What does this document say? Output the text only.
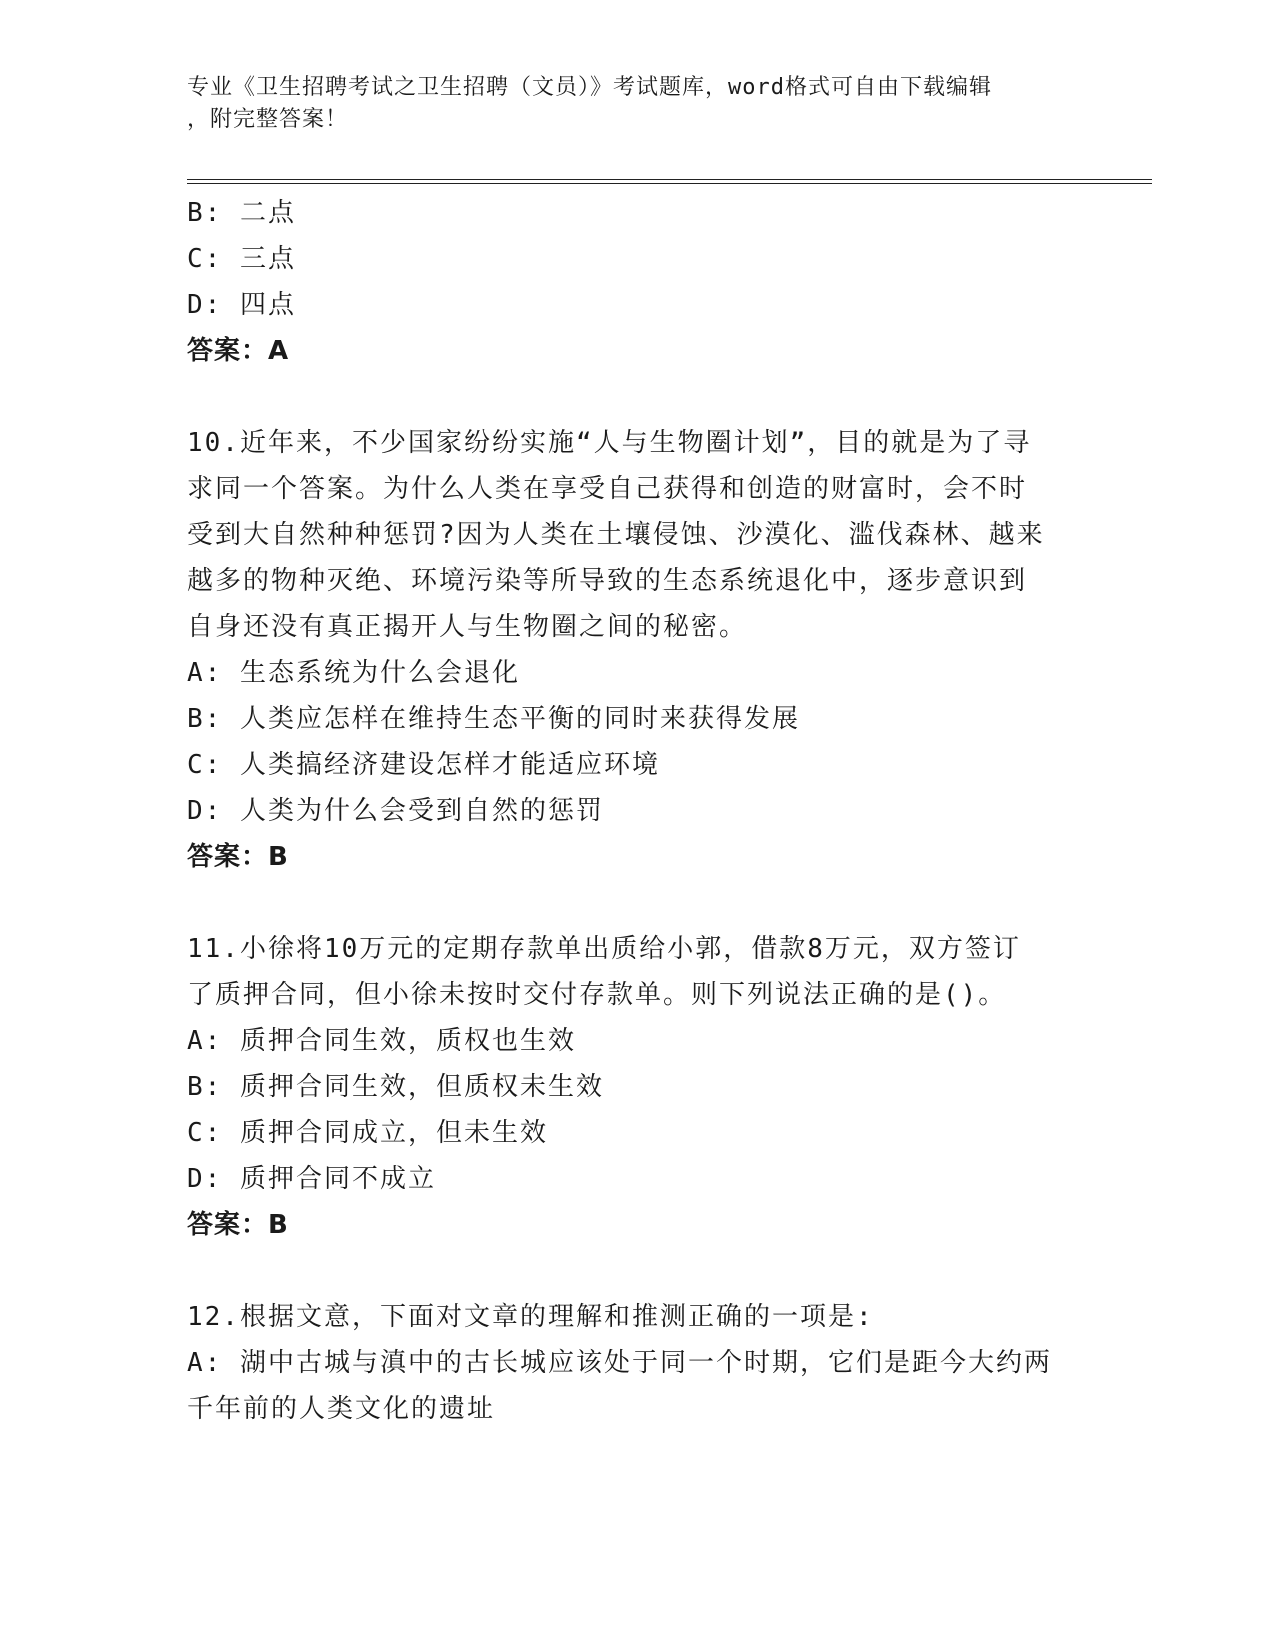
专业《卫生招聘考试之卫生招聘（文员）》考试题库，word格式可自由下载编辑
，附完整答案！

B: 二点

C: 三点

D: 四点

答案：A

10.近年来，不少国家纷纷实施“人与生物圈计划”，目的就是为了寻

求同一个答案。为什么人类在享受自己获得和创造的财富时，会不时

受到大自然种种惩罚?因为人类在土壤侵蚀、沙漠化、滥伐森林、越来

越多的物种灭绝、环境污染等所导致的生态系统退化中，逐步意识到

自身还没有真正揭开人与生物圈之间的秘密。

A: 生态系统为什么会退化

B: 人类应怎样在维持生态平衡的同时来获得发展

C: 人类搞经济建设怎样才能适应环境

D: 人类为什么会受到自然的惩罚

答案：B

11.小徐将10万元的定期存款单出质给小郭，借款8万元，双方签订

了质押合同，但小徐未按时交付存款单。则下列说法正确的是()。

A: 质押合同生效，质权也生效

B: 质押合同生效，但质权未生效

C: 质押合同成立，但未生效

D: 质押合同不成立

答案：B

12.根据文意，下面对文章的理解和推测正确的一项是:

A: 湖中古城与滇中的古长城应该处于同一个时期，它们是距今大约两

千年前的人类文化的遗址
